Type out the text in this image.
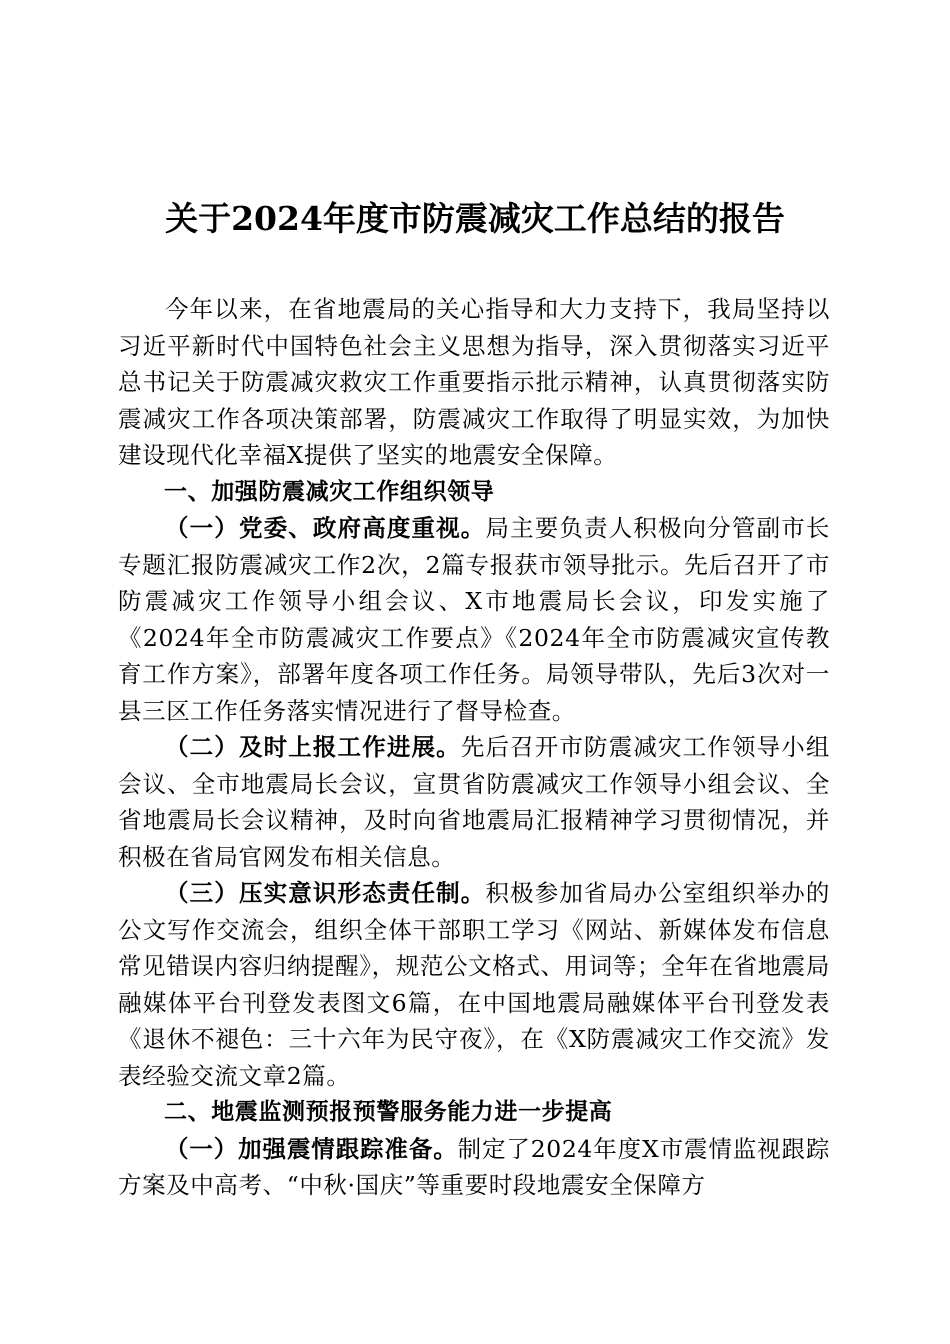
关于2024年度市防震减灾工作总结的报告

今年以来，在省地震局的关心指导和大力支持下，我局坚持以习近平新时代中国特色社会主义思想为指导，深入贯彻落实习近平总书记关于防震减灾救灾工作重要指示批示精神，认真贯彻落实防震减灾工作各项决策部署，防震减灾工作取得了明显实效，为加快建设现代化幸福X提供了坚实的地震安全保障。

一、加强防震减灾工作组织领导

（一）党委、政府高度重视。局主要负责人积极向分管副市长专题汇报防震减灾工作2次，2篇专报获市领导批示。先后召开了市防震减灾工作领导小组会议、X市地震局长会议，印发实施了《2024年全市防震减灾工作要点》《2024年全市防震减灾宣传教育工作方案》，部署年度各项工作任务。局领导带队，先后3次对一县三区工作任务落实情况进行了督导检查。

（二）及时上报工作进展。先后召开市防震减灾工作领导小组会议、全市地震局长会议，宣贯省防震减灾工作领导小组会议、全省地震局长会议精神，及时向省地震局汇报精神学习贯彻情况，并积极在省局官网发布相关信息。

（三）压实意识形态责任制。积极参加省局办公室组织举办的公文写作交流会，组织全体干部职工学习《网站、新媒体发布信息常见错误内容归纳提醒》，规范公文格式、用词等；全年在省地震局融媒体平台刊登发表图文6篇，在中国地震局融媒体平台刊登发表《退休不褪色：三十六年为民守夜》，在《X防震减灾工作交流》发表经验交流文章2篇。

二、地震监测预报预警服务能力进一步提高

（一）加强震情跟踪准备。制定了2024年度X市震情监视跟踪方案及中高考、“中秋·国庆”等重要时段地震安全保障方
